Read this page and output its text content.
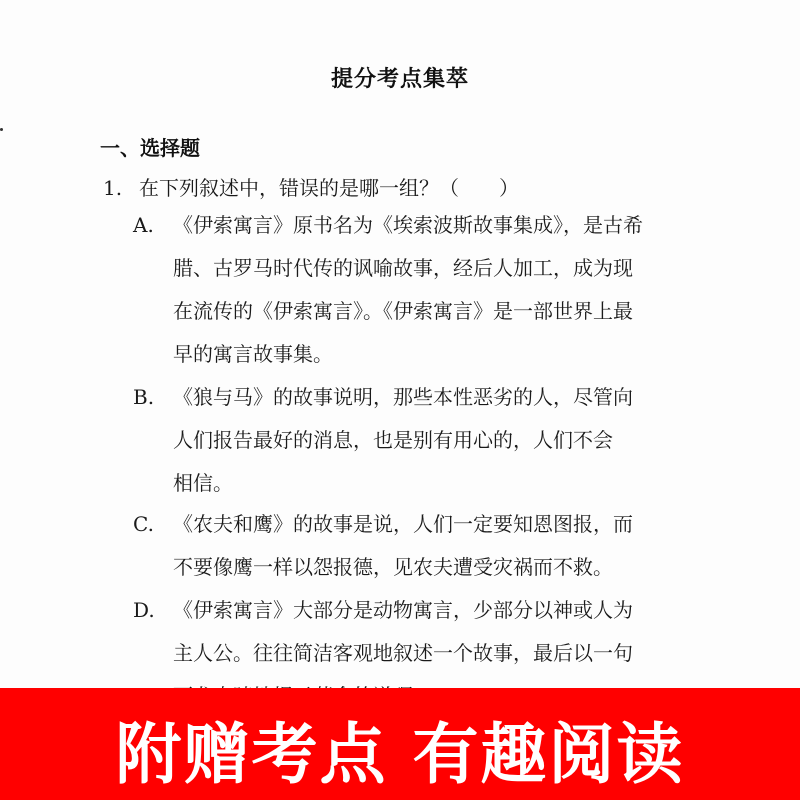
提分考点集萃
一、选择题
1. 在下列叙述中，错误的是哪一组？（　　）
A. 《伊索寓言》原书名为《埃索波斯故事集成》，是古希
腊、古罗马时代传的讽喻故事，经后人加工，成为现
在流传的《伊索寓言》。《伊索寓言》是一部世界上最
早的寓言故事集。
B. 《狼与马》的故事说明，那些本性恶劣的人，尽管向
人们报告最好的消息，也是别有用心的，人们不会
相信。
C. 《农夫和鹰》的故事是说，人们一定要知恩图报，而
不要像鹰一样以怨报德，见农夫遭受灾祸而不救。
D. 《伊索寓言》大部分是动物寓言，少部分以神或人为
主人公。往往简洁客观地叙述一个故事，最后以一句
附赠考点 有趣阅读
